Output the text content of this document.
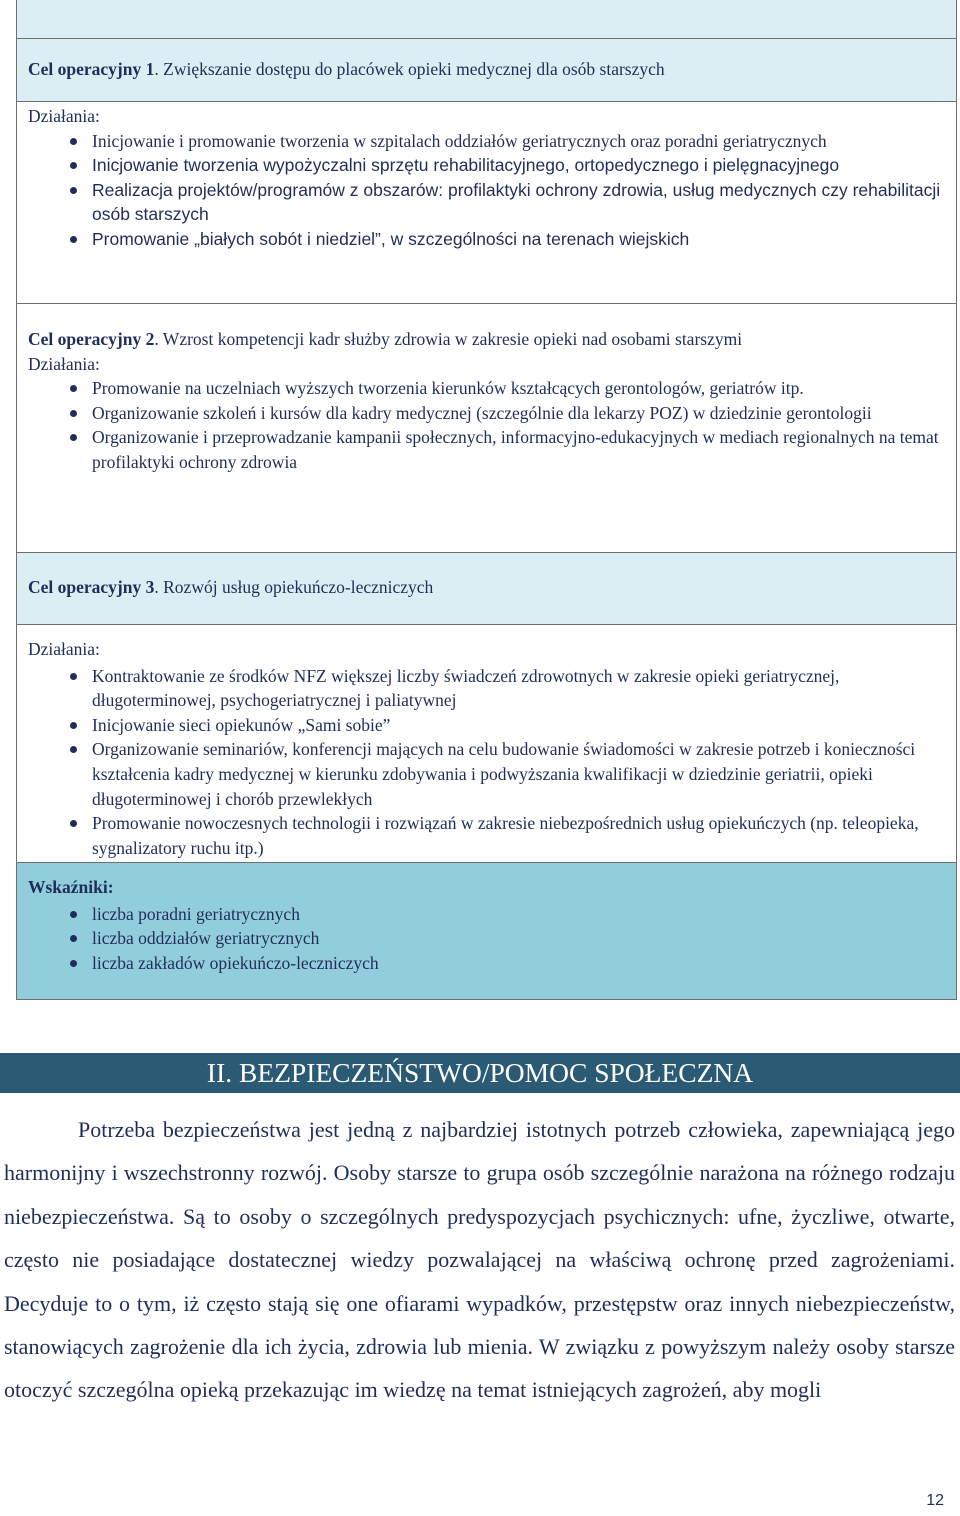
Cel operacyjny 1. Zwiększanie dostępu do placówek opieki medycznej dla osób starszych
Działania:
Inicjowanie i promowanie tworzenia w szpitalach oddziałów geriatrycznych oraz poradni geriatrycznych
Inicjowanie tworzenia wypożyczalni sprzętu rehabilitacyjnego, ortopedycznego i pielęgnacyjnego
Realizacja projektów/programów z obszarów: profilaktyki ochrony zdrowia, usług medycznych czy rehabilitacji osób starszych
Promowanie „białych sobót i niedziel”, w szczególności na terenach wiejskich
Cel operacyjny 2. Wzrost kompetencji kadr służby zdrowia w zakresie opieki nad osobami starszymi
Działania:
Promowanie na uczelniach wyższych tworzenia kierunków kształcących gerontologów, geriatrów itp.
Organizowanie szkoleń i kursów dla kadry medycznej (szczególnie dla lekarzy POZ) w dziedzinie gerontologii
Organizowanie i przeprowadzanie kampanii społecznych, informacyjno-edukacyjnych w mediach regionalnych na temat profilaktyki ochrony zdrowia
Cel operacyjny 3. Rozwój usług opiekuńczo-leczniczych
Działania:
Kontraktowanie ze środków NFZ większej liczby świadczeń zdrowotnych w zakresie opieki geriatrycznej, długoterminowej, psychogeriatrycznej i paliatywnej
Inicjowanie sieci opiekunów „Sami sobie”
Organizowanie seminariów, konferencji mających na celu budowanie świadomości w zakresie potrzeb i konieczności kształcenia kadry medycznej w kierunku zdobywania i podwyższania kwalifikacji w dziedzinie geriatrii, opieki długoterminowej i chorób przewlekłych
Promowanie nowoczesnych technologii i rozwiązań w zakresie niebezpośrednich usług opiekuńczych (np. teleopieka, sygnalizatory ruchu itp.)
Wskaźniki:
liczba poradni geriatrycznych
liczba oddziałów geriatrycznych
liczba zakładów opiekuńczo-leczniczych
II. BEZPIECZEŃSTWO/POMOC SPOŁECZNA
Potrzeba bezpieczeństwa jest jedną z najbardziej istotnych potrzeb człowieka, zapewniającą jego harmonijny i wszechstronny rozwój. Osoby starsze to grupa osób szczególnie narażona na różnego rodzaju niebezpieczeństwa. Są to osoby o szczególnych predyspozycjach psychicznych: ufne, życzliwe, otwarte, często nie posiadające dostatecznej wiedzy pozwalającej na właściwą ochronę przed zagrożeniami. Decyduje to o tym, iż często stają się one ofiarami wypadków, przestępstw oraz innych niebezpieczeństw, stanowiących zagrożenie dla ich życia, zdrowia lub mienia. W związku z powyższym należy osoby starsze otoczyć szczególna opieką przekazując im wiedzę na temat istniejących zagrożeń, aby mogli
12
